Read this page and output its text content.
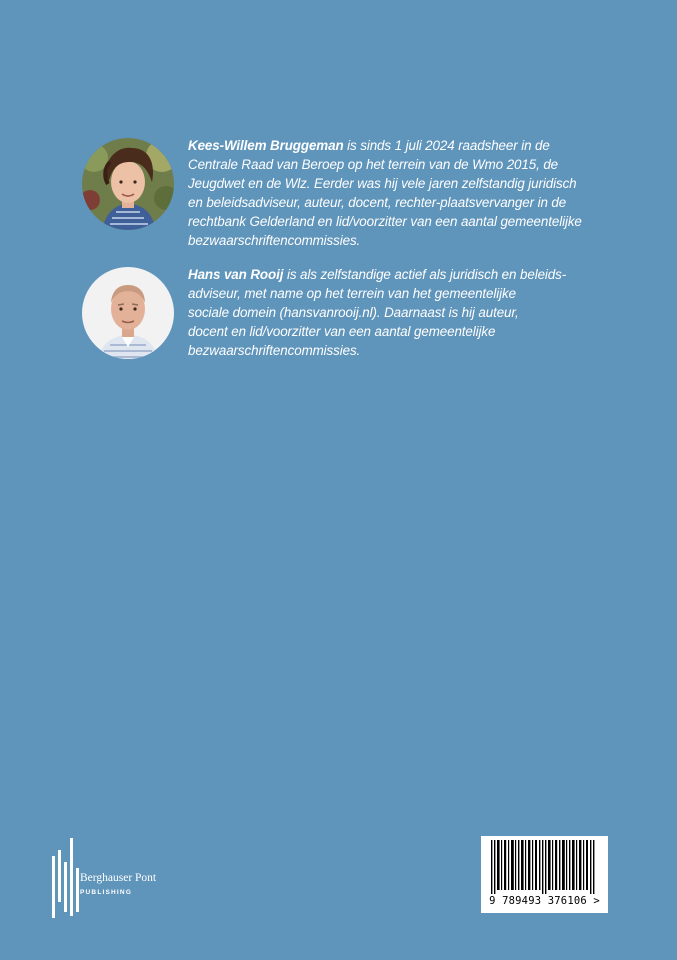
Kees-Willem Bruggeman is sinds 1 juli 2024 raadsheer in de
Centrale Raad van Beroep op het terrein van de Wmo 2015, de
Jeugdwet en de Wlz. Eerder was hij vele jaren zelfstandig juridisch
en beleidsadviseur, auteur, docent, rechter-plaatsvervanger in de
rechtbank Gelderland en lid/voorzitter van een aantal gemeentelijke
bezwaarschriftencommissies.
Hans van Rooij is als zelfstandige actief als juridisch en beleids-
adviseur, met name op het terrein van het gemeentelijke
sociale domein (hansvanrooij.nl). Daarnaast is hij auteur,
docent en lid/voorzitter van een aantal gemeentelijke
bezwaarschriftencommissies.
Berghauser Pont
PUBLISHING
9 789493 376106 >
